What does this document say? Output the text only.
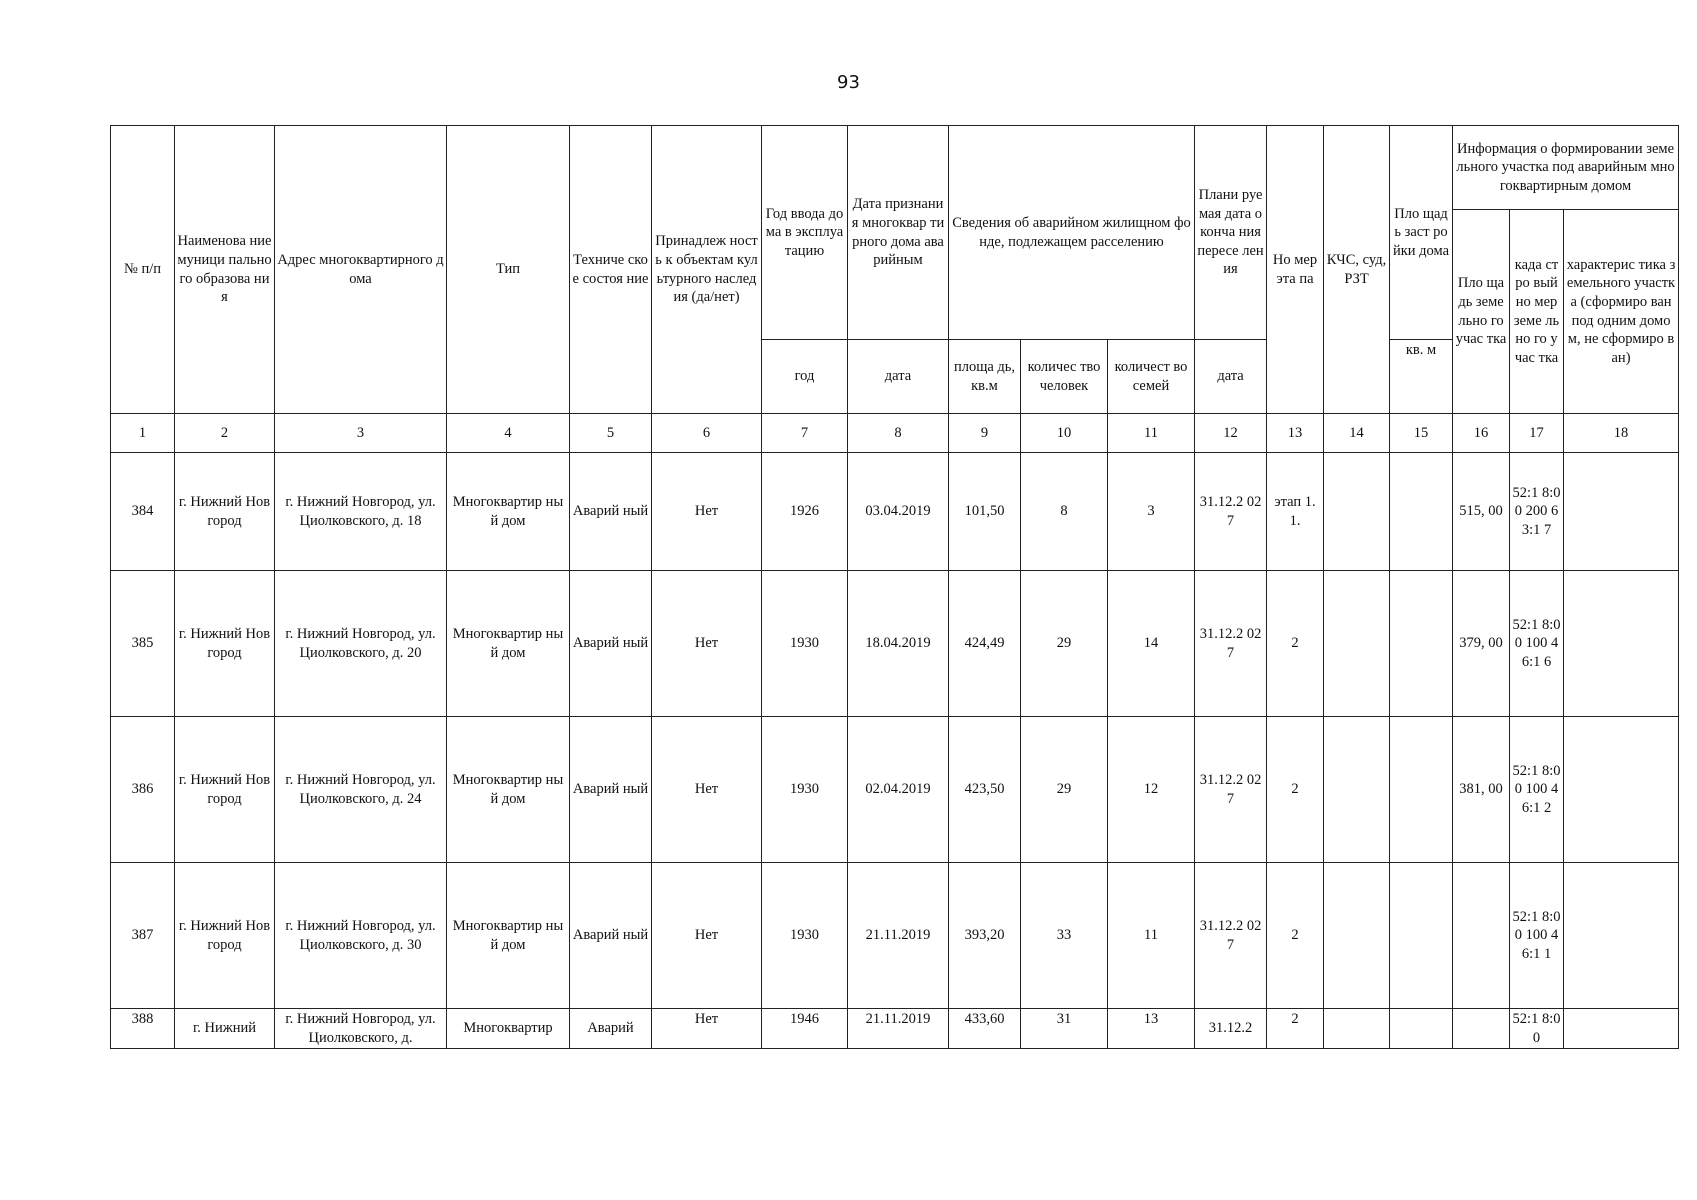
93
№ п/п	Наименова ние муници пального образова ния	Адрес многоквартирного дома	Тип	Техниче ское состоя ние	Принадлеж ность к объектам культурного наследия (да/нет)	Год ввода дома в эксплуа тацию	Дата признания многоквар тирного дома аварийным	Сведения об аварийном жилищном фонде, подлежащем расселению			Плани руемая дата оконча ния пересе ления	Но мер эта па	КЧС, суд, РЗТ	Пло щадь заст ройки дома	Информация о формировании земельного участка под аварийным многоквартирным домом		
															Пло щадь земе льно го учас тка	када стро вый но мер земе льно го учас тка	характерис тика земельного участка (сформиро ван под одним домом, не сформиро ван)
						год	дата	площа дь, кв.м	количес тво человек	количест во семей	дата			кв. м			
1	2	3	4	5	6	7	8	9	10	11	12	13	14	15	16	17	18
384	г. Нижний Новгород	г. Нижний Новгород, ул. Циолковского, д. 18	Многоквартир ный дом	Аварий ный	Нет	1926	03.04.2019	101,50	8	3	31.12.2 027	этап 1.1.			515, 00	52:1 8:00 200 63:1 7	
385	г. Нижний Новгород	г. Нижний Новгород, ул. Циолковского, д. 20	Многоквартир ный дом	Аварий ный	Нет	1930	18.04.2019	424,49	29	14	31.12.2 027	2			379, 00	52:1 8:00 100 46:1 6	
386	г. Нижний Новгород	г. Нижний Новгород, ул. Циолковского, д. 24	Многоквартир ный дом	Аварий ный	Нет	1930	02.04.2019	423,50	29	12	31.12.2 027	2			381, 00	52:1 8:00 100 46:1 2	
387	г. Нижний Новгород	г. Нижний Новгород, ул. Циолковского, д. 30	Многоквартир ный дом	Аварий ный	Нет	1930	21.11.2019	393,20	33	11	31.12.2 027	2				52:1 8:00 100 46:1 1	
388	г. Нижний	г. Нижний Новгород, ул. Циолковского, д.	Многоквартир	Аварий	Нет	1946	21.11.2019	433,60	31	13	31.12.2	2				52:1 8:00	
